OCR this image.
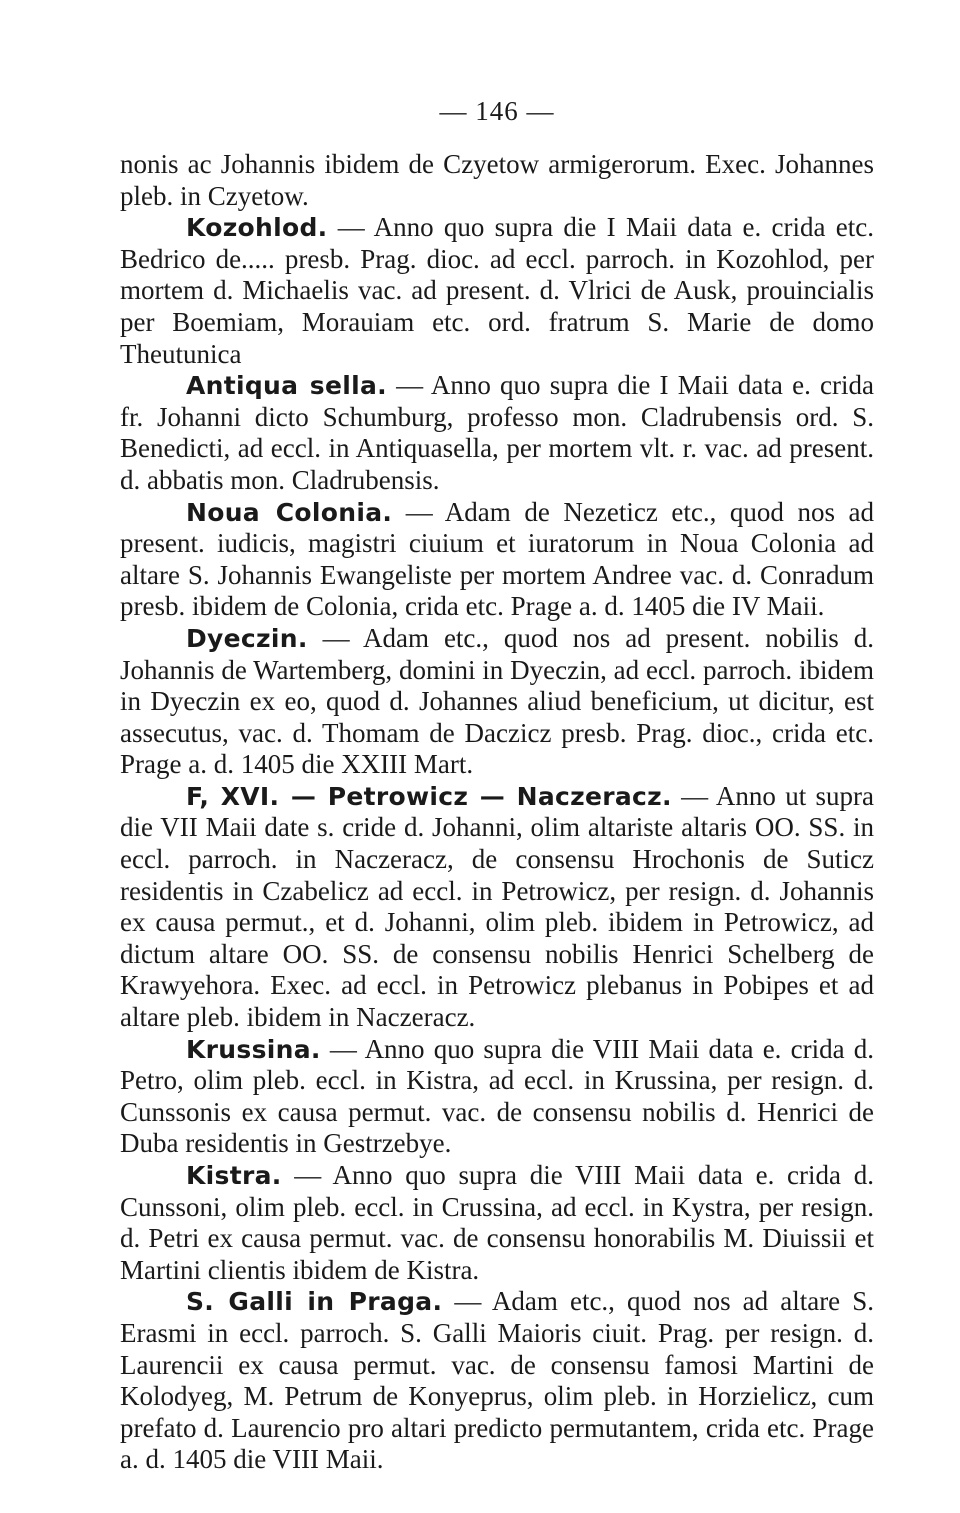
— 146 —

nonis ac Johannis ibidem de Czyetow armigerorum. Exec. Johannes pleb. in Czyetow.

Kozohlod. — Anno quo supra die I Maii data e. crida etc. Bedrico de..... presb. Prag. dioc. ad eccl. parroch. in Kozohlod, per mortem d. Michaelis vac. ad present. d. Vlrici de Ausk, prouincialis per Boemiam, Morauiam etc. ord. fratrum S. Marie de domo Theutunica

Antiqua sella. — Anno quo supra die I Maii data e. crida fr. Johanni dicto Schumburg, professo mon. Cladrubensis ord. S. Benedicti, ad eccl. in Antiquasella, per mortem vlt. r. vac. ad present. d. abbatis mon. Cladrubensis.

Noua Colonia. — Adam de Nezeticz etc., quod nos ad present. iudicis, magistri ciuium et iuratorum in Noua Colonia ad altare S. Johannis Ewangeliste per mortem Andree vac. d. Conradum presb. ibidem de Colonia, crida etc. Prage a. d. 1405 die IV Maii.

Dyeczin. — Adam etc., quod nos ad present. nobilis d. Johannis de Wartemberg, domini in Dyeczin, ad eccl. parroch. ibidem in Dyeczin ex eo, quod d. Johannes aliud beneficium, ut dicitur, est assecutus, vac. d. Thomam de Daczicz presb. Prag. dioc., crida etc. Prage a. d. 1405 die XXIII Mart.

F, XVI. — Petrowicz — Naczeracz. — Anno ut supra die VII Maii date s. cride d. Johanni, olim altariste altaris OO. SS. in eccl. parroch. in Naczeracz, de consensu Hrochonis de Suticz residentis in Czabelicz ad eccl. in Petrowicz, per resign. d. Johannis ex causa permut., et d. Johanni, olim pleb. ibidem in Petrowicz, ad dictum altare OO. SS. de consensu nobilis Henrici Schelberg de Krawyehora. Exec. ad eccl. in Petrowicz plebanus in Pobipes et ad altare pleb. ibidem in Naczeracz.

Krussina. — Anno quo supra die VIII Maii data e. crida d. Petro, olim pleb. eccl. in Kistra, ad eccl. in Krussina, per resign. d. Cunssonis ex causa permut. vac. de consensu nobilis d. Henrici de Duba residentis in Gestrzebye.

Kistra. — Anno quo supra die VIII Maii data e. crida d. Cunssoni, olim pleb. eccl. in Crussina, ad eccl. in Kystra, per resign. d. Petri ex causa permut. vac. de consensu honorabilis M. Diuissii et Martini clientis ibidem de Kistra.

S. Galli in Praga. — Adam etc., quod nos ad altare S. Erasmi in eccl. parroch. S. Galli Maioris ciuit. Prag. per resign. d. Laurencii ex causa permut. vac. de consensu famosi Martini de Kolodyeg, M. Petrum de Konyeprus, olim pleb. in Horzielicz, cum prefato d. Laurencio pro altari predicto permutantem, crida etc. Prage a. d. 1405 die VIII Maii.
